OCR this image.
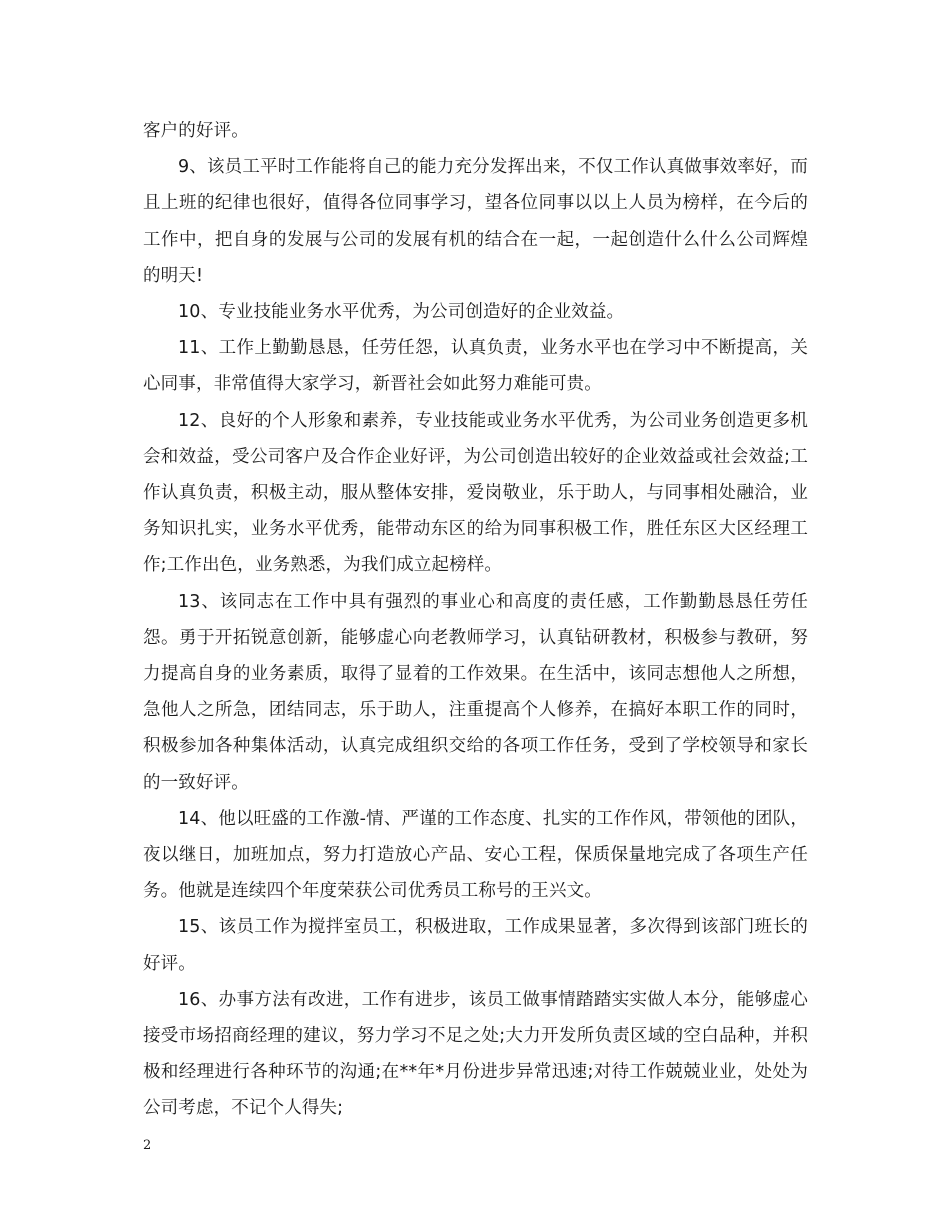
客户的好评。

9、该员工平时工作能将自己的能力充分发挥出来，不仅工作认真做事效率好，而且上班的纪律也很好，值得各位同事学习，望各位同事以以上人员为榜样，在今后的工作中，把自身的发展与公司的发展有机的结合在一起，一起创造什么什么公司辉煌的明天!

10、专业技能业务水平优秀，为公司创造好的企业效益。

11、工作上勤勤恳恳，任劳任怨，认真负责，业务水平也在学习中不断提高，关心同事，非常值得大家学习，新晋社会如此努力难能可贵。

12、良好的个人形象和素养，专业技能或业务水平优秀，为公司业务创造更多机会和效益，受公司客户及合作企业好评，为公司创造出较好的企业效益或社会效益;工作认真负责，积极主动，服从整体安排，爱岗敬业，乐于助人，与同事相处融洽，业务知识扎实，业务水平优秀，能带动东区的给为同事积极工作，胜任东区大区经理工作;工作出色，业务熟悉，为我们成立起榜样。

13、该同志在工作中具有强烈的事业心和高度的责任感，工作勤勤恳恳任劳任怨。勇于开拓锐意创新，能够虚心向老教师学习，认真钻研教材，积极参与教研，努力提高自身的业务素质，取得了显着的工作效果。在生活中，该同志想他人之所想，急他人之所急，团结同志，乐于助人，注重提高个人修养，在搞好本职工作的同时，积极参加各种集体活动，认真完成组织交给的各项工作任务，受到了学校领导和家长的一致好评。

14、他以旺盛的工作激-情、严谨的工作态度、扎实的工作作风，带领他的团队，夜以继日，加班加点，努力打造放心产品、安心工程，保质保量地完成了各项生产任务。他就是连续四个年度荣获公司优秀员工称号的王兴文。

15、该员工作为搅拌室员工，积极进取，工作成果显著，多次得到该部门班长的好评。

16、办事方法有改进，工作有进步，该员工做事情踏踏实实做人本分，能够虚心接受市场招商经理的建议，努力学习不足之处;大力开发所负责区域的空白品种，并积极和经理进行各种环节的沟通;在**年*月份进步异常迅速;对待工作兢兢业业，处处为公司考虑，不记个人得失;

2
